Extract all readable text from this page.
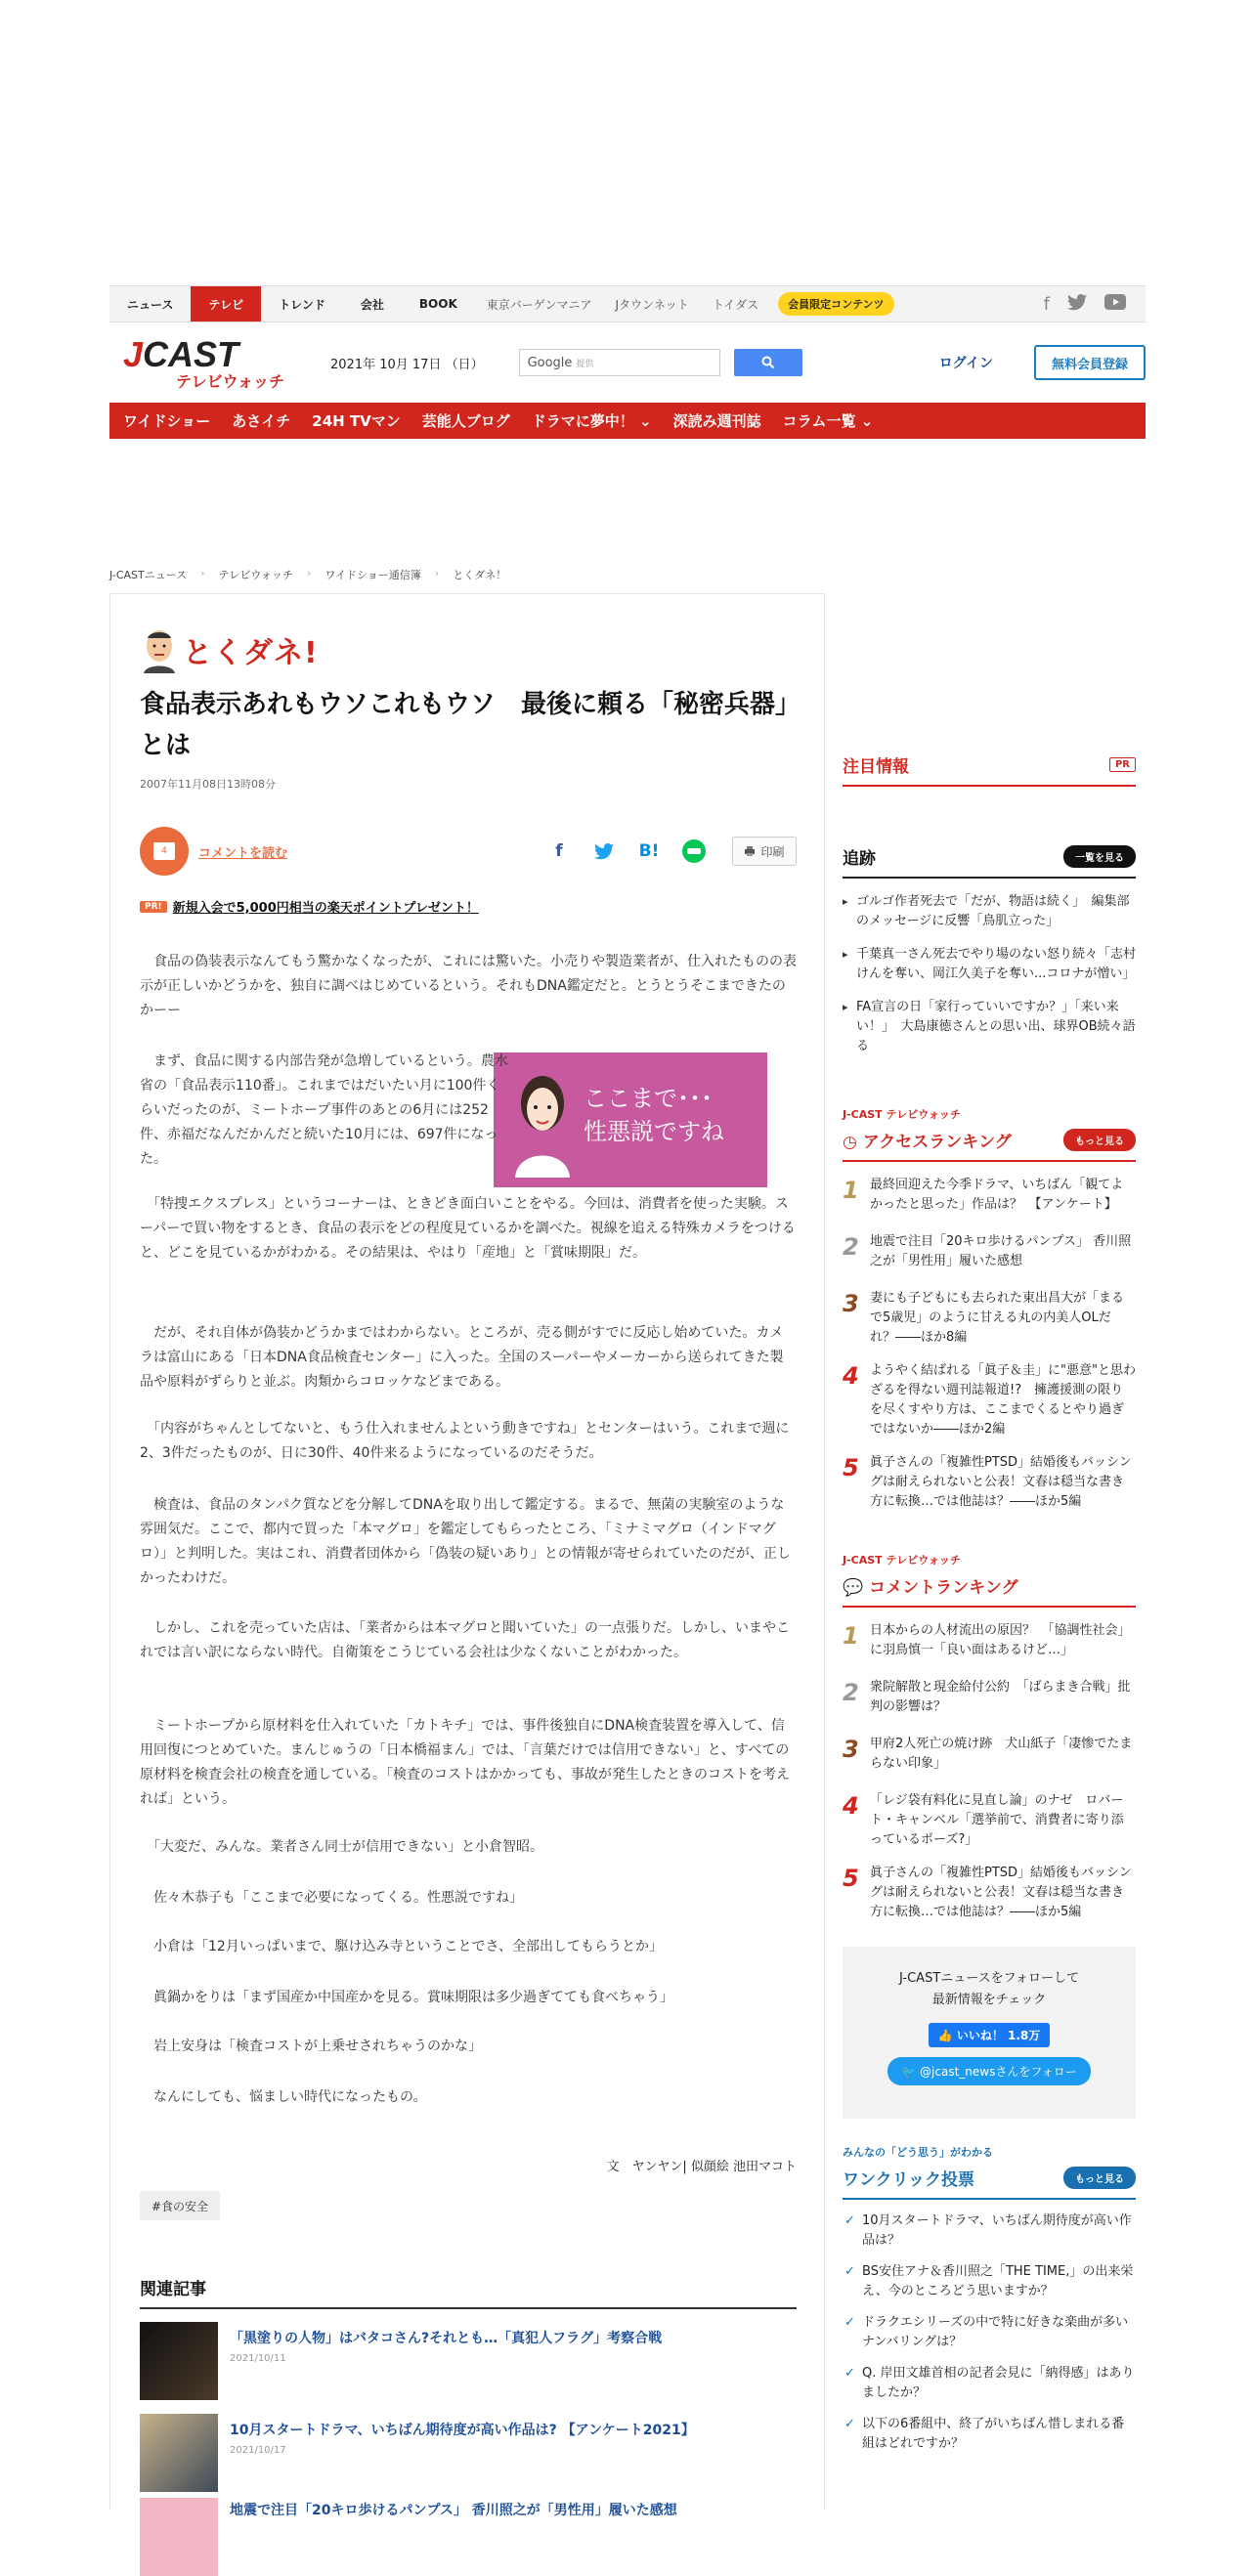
ニュース	テレビ	トレンド	会社	BOOK	東京バーゲンマニア	Jタウンネット	トイダス	会員限定コンテンツ	f
JCAST
テレビウォッチ
2021年 10月 17日 （日）	Google 提供	ログイン	無料会員登録
ワイドショー あさイチ 24H TVマン 芸能人ブログ ドラマに夢中！ ⌄ 深読み週刊誌 コラム一覧 ⌄
J-CASTニュース › テレビウォッチ › ワイドショー通信簿 › とくダネ！
とくダネ!
食品表示あれもウソこれもウソ　最後に頼る「秘密兵器」とは
2007年11月08日13時08分
4	コメントを読む	f	B!	印刷
PR! 新規入会で5,000円相当の楽天ポイントプレゼント！

　食品の偽装表示なんてもう驚かなくなったが、これには驚いた。小売りや製造業者が、仕入れたものの表示が正しいかどうかを、独自に調べはじめているという。それもDNA鑑定だと。とうとうそこまできたのかーー

ここまで･･･
性悪説ですね

　まず、食品に関する内部告発が急増しているという。農水省の「食品表示110番」。これまではだいたい月に100件くらいだったのが、ミートホープ事件のあとの6月には252件、赤福だなんだかんだと続いた10月には、697件になった。

　「特捜エクスプレス」というコーナーは、ときどき面白いことをやる。今回は、消費者を使った実験。スーパーで買い物をするとき、食品の表示をどの程度見ているかを調べた。視線を追える特殊カメラをつけると、どこを見ているかがわかる。その結果は、やはり「産地」と「賞味期限」だ。

　だが、それ自体が偽装かどうかまではわからない。ところが、売る側がすでに反応し始めていた。カメラは富山にある「日本DNA食品検査センター」に入った。全国のスーパーやメーカーから送られてきた製品や原料がずらりと並ぶ。肉類からコロッケなどまである。

　「内容がちゃんとしてないと、もう仕入れませんよという動きですね」とセンターはいう。これまで週に2、3件だったものが、日に30件、40件来るようになっているのだそうだ。

　検査は、食品のタンパク質などを分解してDNAを取り出して鑑定する。まるで、無菌の実験室のような雰囲気だ。ここで、都内で買った「本マグロ」を鑑定してもらったところ、「ミナミマグロ（インドマグロ）」と判明した。実はこれ、消費者団体から「偽装の疑いあり」との情報が寄せられていたのだが、正しかったわけだ。

　しかし、これを売っていた店は、「業者からは本マグロと聞いていた」の一点張りだ。しかし、いまやこれでは言い訳にならない時代。自衛策をこうじている会社は少なくないことがわかった。

　ミートホープから原材料を仕入れていた「カトキチ」では、事件後独自にDNA検査装置を導入して、信用回復につとめていた。まんじゅうの「日本橋福まん」では、「言葉だけでは信用できない」と、すべての原材料を検査会社の検査を通している。「検査のコストはかかっても、事故が発生したときのコストを考えれば」という。

　「大変だ、みんな。業者さん同士が信用できない」と小倉智昭。

　佐々木恭子も「ここまで必要になってくる。性悪説ですね」

　小倉は「12月いっぱいまで、駆け込み寺ということでさ、全部出してもらうとか」

　眞鍋かをりは「まず国産か中国産かを見る。賞味期限は多少過ぎてても食べちゃう」

　岩上安身は「検査コストが上乗せされちゃうのかな」

　なんにしても、悩ましい時代になったもの。

文　ヤンヤン| 似顔絵 池田マコト
#食の安全
関連記事
「黒塗りの人物」はバタコさん?それとも…「真犯人フラグ」考察合戦
2021/10/11
10月スタートドラマ、いちばん期待度が高い作品は? 【アンケート2021】
2021/10/17
地震で注目「20キロ歩けるパンプス」 香川照之が「男性用」履いた感想
注目情報	PR
追跡	一覧を見る
▸ ゴルゴ作者死去で「だが、物語は続く」　編集部のメッセージに反響「鳥肌立った」
▸ 千葉真一さん死去でやり場のない怒り続々「志村けんを奪い、岡江久美子を奪い...コロナが憎い」
▸ FA宣言の日「家行っていいですか？」「来い来い！」　大島康徳さんとの思い出、球界OB続々語る
J-CAST テレビウォッチ
◷ アクセスランキング	もっと見る
1 最終回迎えた今季ドラマ、いちばん「観てよかったと思った」作品は？　【アンケート】
2 地震で注目「20キロ歩けるパンプス」 香川照之が「男性用」履いた感想
3 妻にも子どもにも去られた東出昌大が「まるで5歳児」のように甘える丸の内美人OLだれ？――ほか8編
4 ようやく結ばれる「眞子＆圭」に"悪意"と思わざるを得ない週刊誌報道!?　擁護援測の限りを尽くすやり方は、ここまでくるとやり過ぎではないか――ほか2編
5 眞子さんの「複雑性PTSD」結婚後もバッシングは耐えられないと公表！文春は穏当な書き方に転換…では他誌は？――ほか5編
J-CAST テレビウォッチ
💬 コメントランキング
1 日本からの人材流出の原因？　「協調性社会」に羽鳥慎一「良い面はあるけど…」
2 衆院解散と現金給付公約　「ばらまき合戦」批判の影響は？
3 甲府2人死亡の焼け跡　犬山紙子「凄惨でたまらない印象」
4 「レジ袋有料化に見直し論」のナゼ　ロバート・キャンベル「選挙前で、消費者に寄り添っているポーズ?」
5 眞子さんの「複雑性PTSD」結婚後もバッシングは耐えられないと公表！文春は穏当な書き方に転換…では他誌は？――ほか5編
J-CASTニュースをフォローして
最新情報をチェック
👍 いいね！ 1.8万
🐦 @jcast_newsさんをフォロー
みんなの「どう思う」がわかる
ワンクリック投票	もっと見る
✓ 10月スタートドラマ、いちばん期待度が高い作品は？
✓ BS安住アナ＆香川照之「THE TIME,」の出来栄え、今のところどう思いますか？
✓ ドラクエシリーズの中で特に好きな楽曲が多いナンバリングは？
✓ Q. 岸田文雄首相の記者会見に「納得感」はありましたか？
✓ 以下の6番組中、終了がいちばん惜しまれる番組はどれですか？
